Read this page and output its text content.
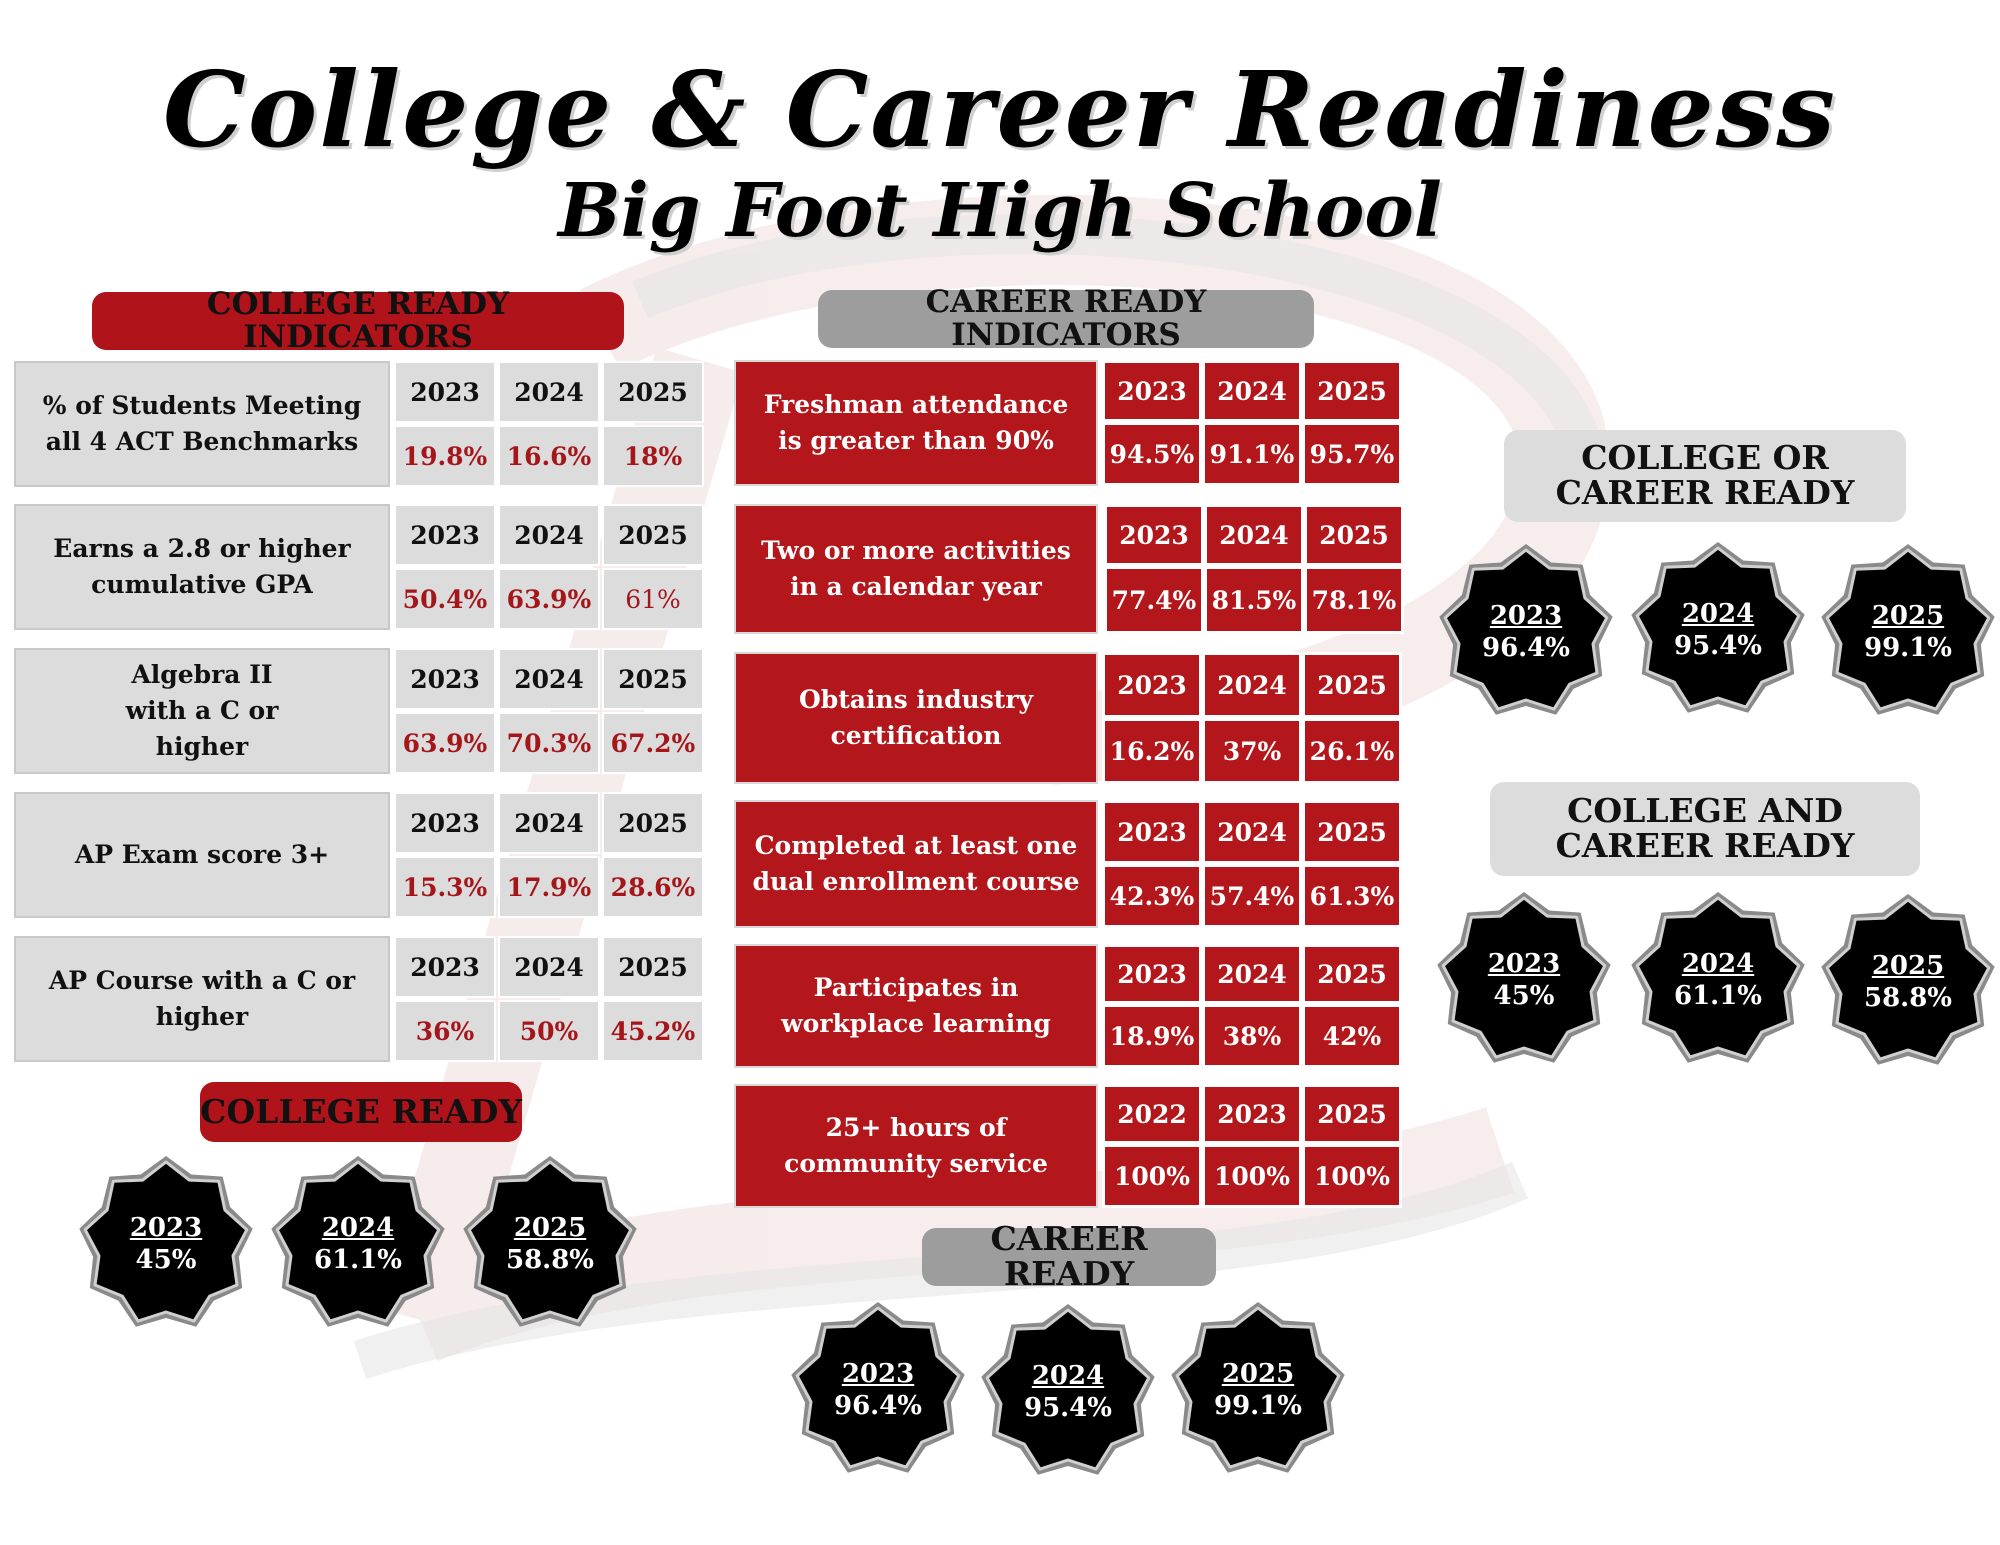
College & Career Readiness
Big Foot High School
COLLEGE READY INDICATORS
CAREER READY INDICATORS
COLLEGE READY
CAREER READY
COLLEGE OR CAREER READY
COLLEGE AND CAREER READY
% of Students Meeting all 4 ACT Benchmarks
2023	2024	2025
19.8% 16.6%	18%
Earns a 2.8 or higher cumulative GPA
2023	2024	2025
50.4% 63.9%	61%
Algebra II with a C or higher
2023	2024	2025
63.9% 70.3% 67.2%
AP Exam score 3+
2023	2024	2025
15.3% 17.9% 28.6%
AP Course with a C or higher
2023	2024	2025
36%	50%	45.2%
Freshman attendance is greater than 90%
2023	2024	2025
94.5% 91.1% 95.7%
Two or more activities in a calendar year
2023	2024	2025
77.4% 81.5% 78.1%
Obtains industry certification
2023	2024	2025
16.2%	37%	26.1%
Completed at least one dual enrollment course
2023	2024	2025
42.3% 57.4% 61.3%
Participates in workplace learning
2023	2024	2025
18.9%	38%	42%
25+ hours of community service
2022	2023	2025
100% 100% 100%
2023
45%
2024
61.1%
2025
58.8%
2023
96.4%
2024
95.4%
2025
99.1%
2023
96.4%
2024
95.4%
2025
99.1%
2023
45%
2024
61.1%
2025
58.8%
